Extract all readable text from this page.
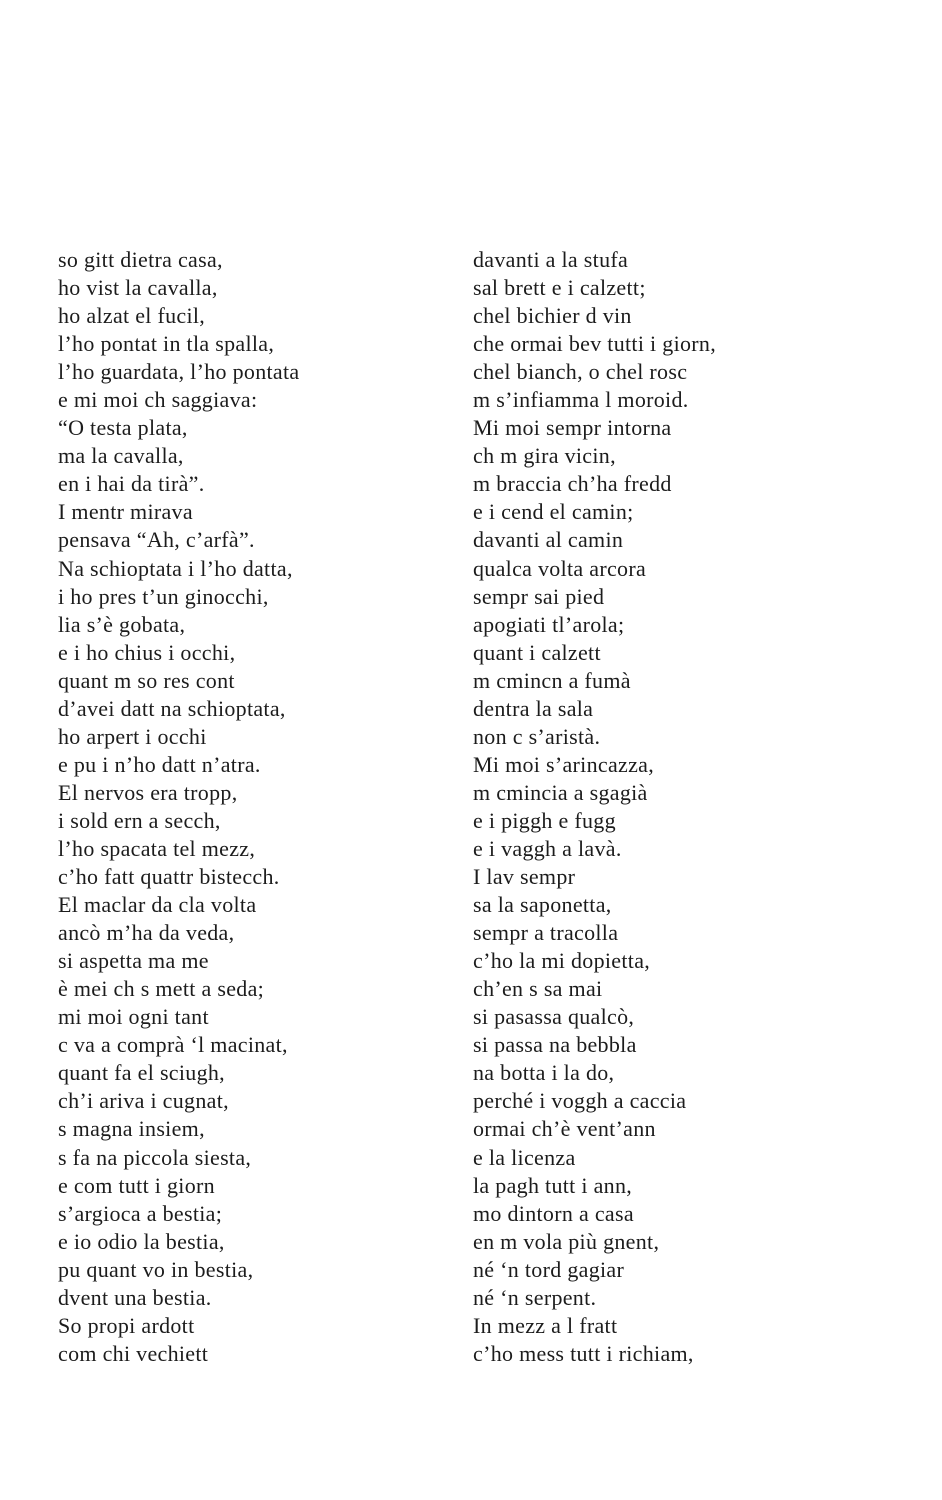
so gitt dietra casa,
ho vist la cavalla,
ho alzat el fucil,
l’ho pontat in tla spalla,
l’ho guardata, l’ho pontata
e mi moi ch saggiava:
“O testa plata,
ma la cavalla,
en i hai da tirà”.
I mentr mirava
pensava “Ah, c’arfà”.
Na schioptata i l’ho datta,
i ho pres t’un ginocchi,
lia s’è gobata,
e i ho chius i occhi,
quant m so res cont
d’avei datt na schioptata,
ho arpert i occhi
e pu i n’ho datt n’atra.
El nervos era tropp,
i sold ern a secch,
l’ho spacata tel mezz,
c’ho fatt quattr bistecch.
El maclar da cla volta
ancò m’ha da veda,
si aspetta ma me
è mei ch s mett a seda;
mi moi ogni tant
c va a comprà ‘l macinat,
quant fa el sciugh,
ch’i ariva i cugnat,
s magna insiem,
s fa na piccola siesta,
e com tutt i giorn
s’argioca a bestia;
e io odio la bestia,
pu quant vo in bestia,
dvent una bestia.
So propi ardott
com chi vechiett
davanti a la stufa
sal brett e i calzett;
chel bichier d vin
che ormai bev tutti i giorn,
chel bianch, o chel rosc
m s’infiamma l moroid.
Mi moi sempr intorna
ch m gira vicin,
m braccia ch’ha fredd
e i cend el camin;
davanti al camin
qualca volta arcora
sempr sai pied
apogiati tl’arola;
quant i calzett
m cmincn a fumà
dentra la sala
non c s’aristà.
Mi moi s’arincazza,
m cmincia a sgagià
e i piggh e fugg
e i vaggh a lavà.
I lav sempr
sa la saponetta,
sempr a tracolla
c’ho la mi dopietta,
ch’en s sa mai
si pasassa qualcò,
si passa na bebbla
na botta i la do,
perché i voggh a caccia
ormai ch’è vent’ann
e la licenza
la pagh tutt i ann,
mo dintorn a casa
en m vola più gnent,
né ‘n tord gagiar
né ‘n serpent.
In mezz a l fratt
c’ho mess tutt i richiam,
